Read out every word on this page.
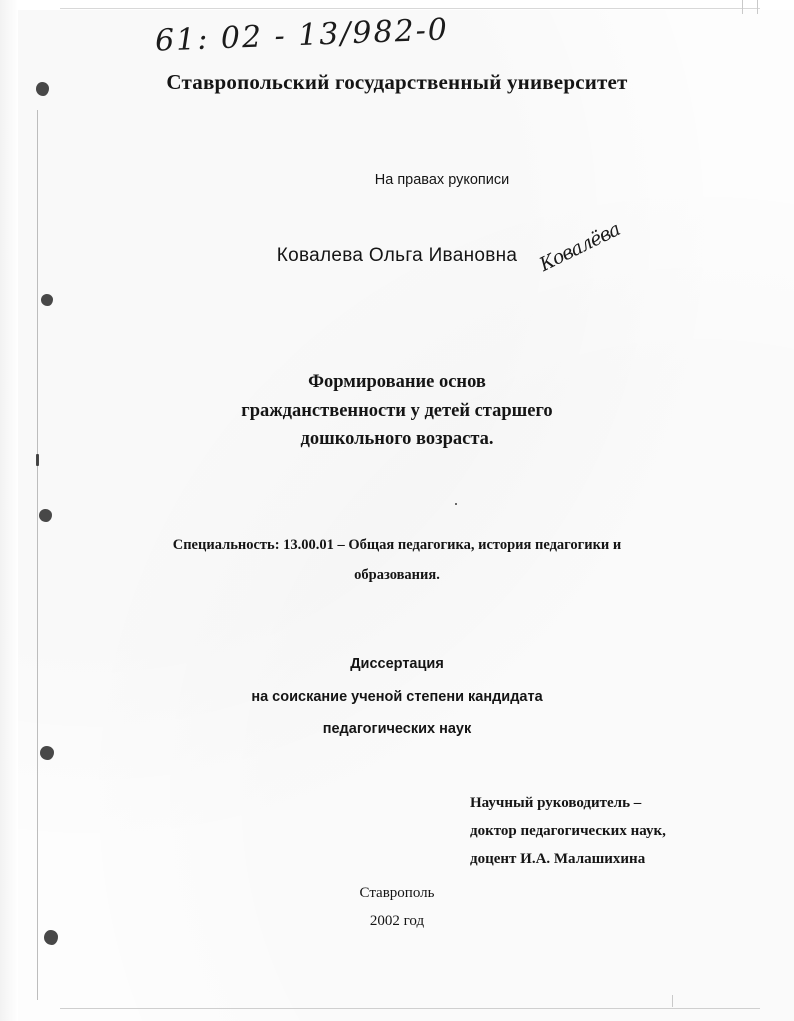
61: 02 - 13/982-0
Ставропольский государственный университет
На правах рукописи
Ковалева Ольга Ивановна Ковалёва
Формирование основ
гражданственности у детей старшего
дошкольного возраста.
Специальность: 13.00.01 – Общая педагогика, история педагогики и
образования.
Диссертация
на соискание ученой степени кандидата
педагогических наук
Научный руководитель –
доктор педагогических наук,
доцент И.А. Малашихина
Ставрополь
2002 год
